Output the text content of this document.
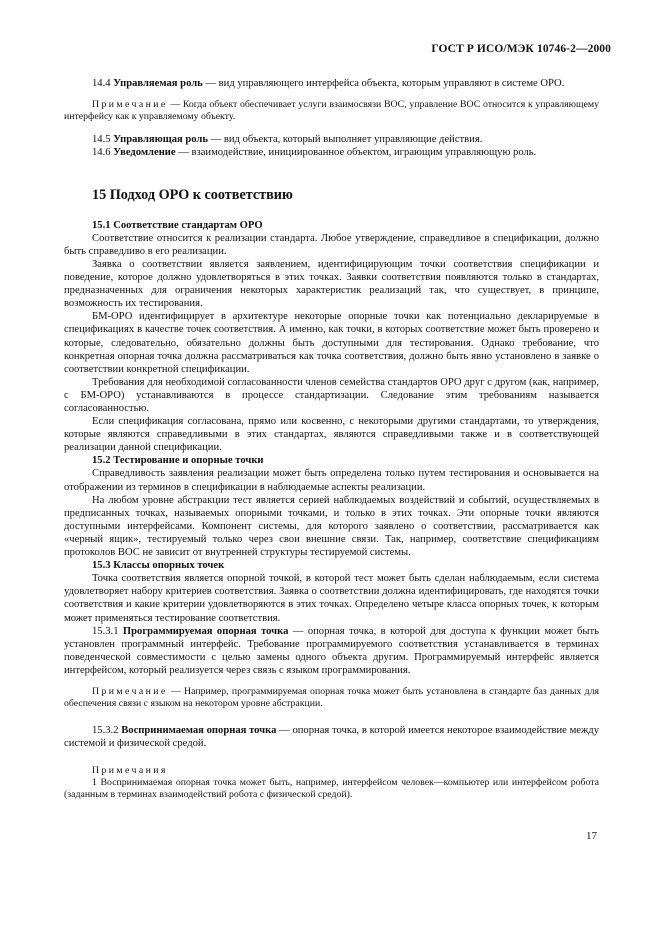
ГОСТ Р ИСО/МЭК 10746-2—2000

14.4 Управляемая роль — вид управляющего интерфейса объекта, которым управляют в системе ОРО.

Примечание — Когда объект обеспечивает услуги взаимосвязи ВОС, управление ВОС относится к управляющему интерфейсу как к управляемому объекту.

14.5 Управляющая роль — вид объекта, который выполняет управляющие действия.

14.6 Уведомление — взаимодействие, инициированное объектом, играющим управляющую роль.

15 Подход ОРО к соответствию

15.1 Соответствие стандартам ОРО

Соответствие относится к реализации стандарта. Любое утверждение, справедливое в спецификации, должно быть справедливо в его реализации.

Заявка о соответствии является заявлением, идентифицирующим точки соответствия спецификации и поведение, которое должно удовлетворяться в этих точках. Заявки соответствия появляются только в стандартах, предназначенных для ограничения некоторых характеристик реализаций так, что существует, в принципе, возможность их тестирования.

БМ-ОРО идентифицирует в архитектуре некоторые опорные точки как потенциально декларируемые в спецификациях в качестве точек соответствия. А именно, как точки, в которых соответствие может быть проверено и которые, следовательно, обязательно должны быть доступными для тестирования. Однако требование, что конкретная опорная точка должна рассматриваться как точка соответствия, должно быть явно установлено в заявке о соответствии конкретной спецификации.

Требования для необходимой согласованности членов семейства стандартов ОРО друг с другом (как, например, с БМ-ОРО) устанавливаются в процессе стандартизации. Следование этим требованиям называется согласованностью.

Если спецификация согласована, прямо или косвенно, с некоторыми другими стандартами, то утверждения, которые являются справедливыми в этих стандартах, являются справедливыми также и в соответствующей реализации данной спецификации.

15.2 Тестирование и опорные точки

Справедливость заявления реализации может быть определена только путем тестирования и основывается на отображении из терминов в спецификации в наблюдаемые аспекты реализации.

На любом уровне абстракции тест является серией наблюдаемых воздействий и событий, осуществляемых в предписанных точках, называемых опорными точками, и только в этих точках. Эти опорные точки являются доступными интерфейсами. Компонент системы, для которого заявлено о соответствии, рассматривается как «черный ящик», тестируемый только через свои внешние связи. Так, например, соответствие спецификациям протоколов ВОС не зависит от внутренней структуры тестируемой системы.

15.3 Классы опорных точек

Точка соответствия является опорной точкой, в которой тест может быть сделан наблюдаемым, если система удовлетворяет набору критериев соответствия. Заявка о соответствии должна идентифицировать, где находятся точки соответствия и какие критерии удовлетворяются в этих точках. Определено четыре класса опорных точек, к которым может применяться тестирование соответствия.

15.3.1 Программируемая опорная точка — опорная точка, в которой для доступа к функции может быть установлен программный интерфейс. Требование программируемого соответствия устанавливается в терминах поведенческой совместимости с целью замены одного объекта другим. Программируемый интерфейс является интерфейсом, который реализуется через связь с языком программирования.

Примечание — Например, программируемая опорная точка может быть установлена в стандарте баз данных для обеспечения связи с языком на некотором уровне абстракции.

15.3.2 Воспринимаемая опорная точка — опорная точка, в которой имеется некоторое взаимодействие между системой и физической средой.

Примечания

1 Воспринимаемая опорная точка может быть, например, интерфейсом человек—компьютер или интерфейсом робота (заданным в терминах взаимодействий робота с физической средой).

17
